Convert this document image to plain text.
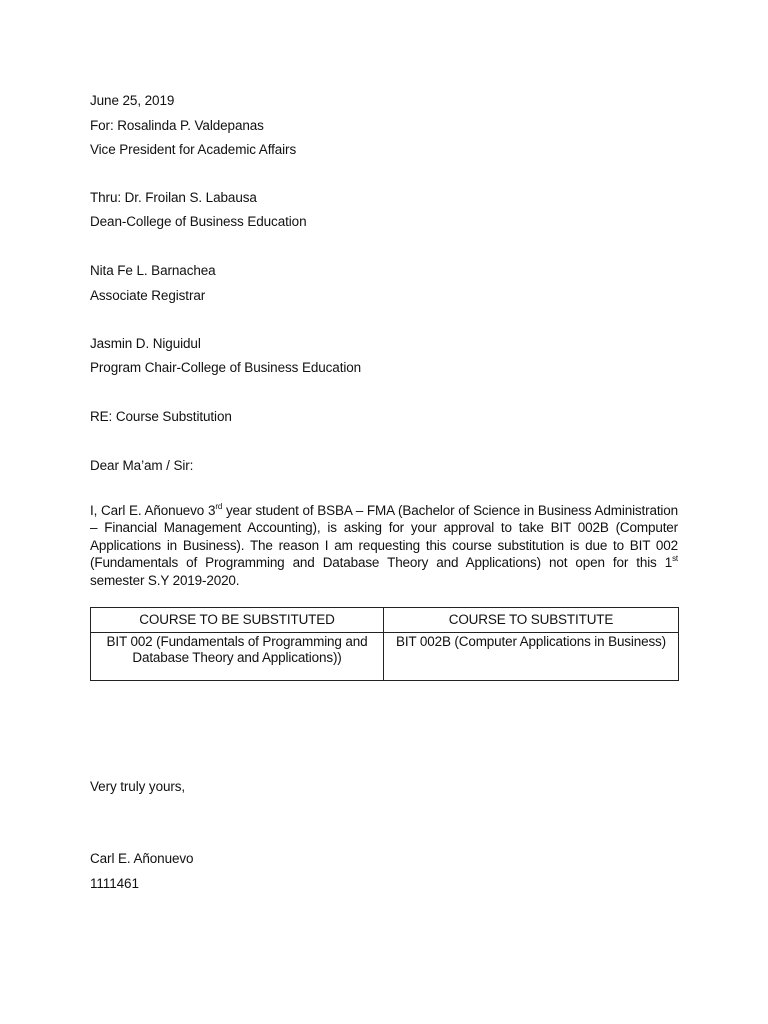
June 25, 2019
For: Rosalinda P. Valdepanas
Vice President for Academic Affairs
Thru: Dr. Froilan S. Labausa
Dean-College of Business Education
Nita Fe L. Barnachea
Associate Registrar
Jasmin D. Niguidul
Program Chair-College of Business Education
RE: Course Substitution
Dear Ma’am / Sir:
I, Carl E. Añonuevo 3rd year student of BSBA – FMA (Bachelor of Science in Business Administration – Financial Management Accounting), is asking for your approval to take BIT 002B (Computer Applications in Business). The reason I am requesting this course substitution is due to BIT 002 (Fundamentals of Programming and Database Theory and Applications) not open for this 1st semester S.Y 2019-2020.
COURSE TO BE SUBSTITUTED	COURSE TO SUBSTITUTE
BIT 002 (Fundamentals of Programming and Database Theory and Applications))	BIT 002B (Computer Applications in Business)
Very truly yours,
Carl E. Añonuevo
1111461
